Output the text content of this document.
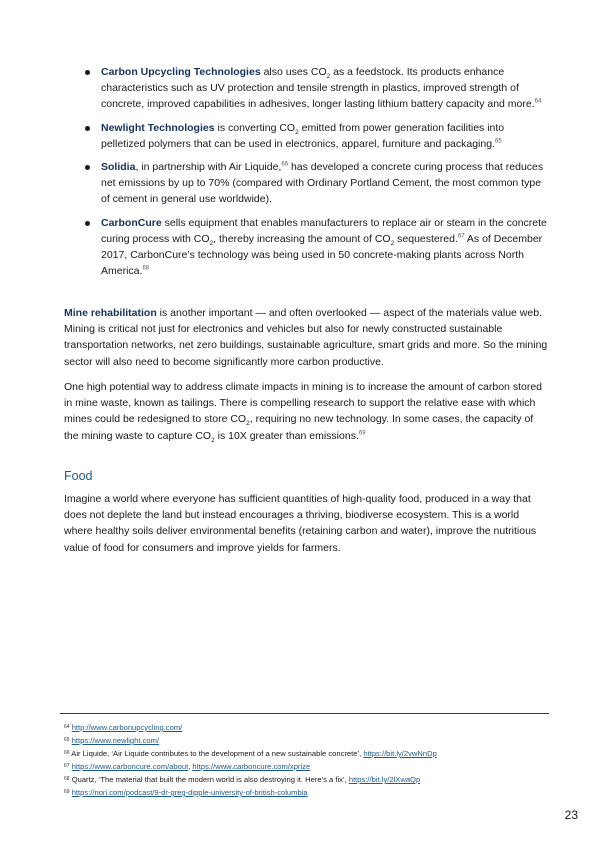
Carbon Upcycling Technologies also uses $CO_2$ as a feedstock. Its products enhance characteristics such as UV protection and tensile strength in plastics, improved strength of concrete, improved capabilities in adhesives, longer lasting lithium battery capacity and more.$^{64}$
Newlight Technologies is converting $CO_2$ emitted from power generation facilities into pelletized polymers that can be used in electronics, apparel, furniture and packaging.$^{65}$
Solidia, in partnership with Air Liquide,$^{66}$ has developed a concrete curing process that reduces net emissions by up to 70% (compared with Ordinary Portland Cement, the most common type of cement in general use worldwide).
CarbonCure sells equipment that enables manufacturers to replace air or steam in the concrete curing process with $CO_2$, thereby increasing the amount of $CO_2$ sequestered.$^{67}$ As of December 2017, CarbonCure’s technology was being used in 50 concrete-making plants across North America.$^{68}$

Mine rehabilitation is another important — and often overlooked — aspect of the materials value web. Mining is critical not just for electronics and vehicles but also for newly constructed sustainable transportation networks, net zero buildings, sustainable agriculture, smart grids and more. So the mining sector will also need to become significantly more carbon productive.

One high potential way to address climate impacts in mining is to increase the amount of carbon stored in mine waste, known as tailings. There is compelling research to support the relative ease with which mines could be redesigned to store $CO_2$, requiring no new technology. In some cases, the capacity of the mining waste to capture $CO_2$ is 10X greater than emissions.$^{69}$

Food

Imagine a world where everyone has sufficient quantities of high-quality food, produced in a way that does not deplete the land but instead encourages a thriving, biodiverse ecosystem. This is a world where healthy soils deliver environmental benefits (retaining carbon and water), improve the nutritious value of food for consumers and improve yields for farmers.

$^{64}$ http://www.carbonupcycling.com/
$^{65}$ https://www.newlight.com/
$^{66}$ Air Liquide, ‘Air Liquide contributes to the development of a new sustainable concrete’, https://bit.ly/2vwNnDp
$^{67}$ https://www.carboncure.com/about, https://www.carboncure.com/xprize
$^{68}$ Quartz, ‘The material that built the modern world is also destroying it. Here’s a fix’, https://bit.ly/2lXwaQp
$^{69}$ https://nori.com/podcast/9-dr-greg-dipple-university-of-british-columbia
23
